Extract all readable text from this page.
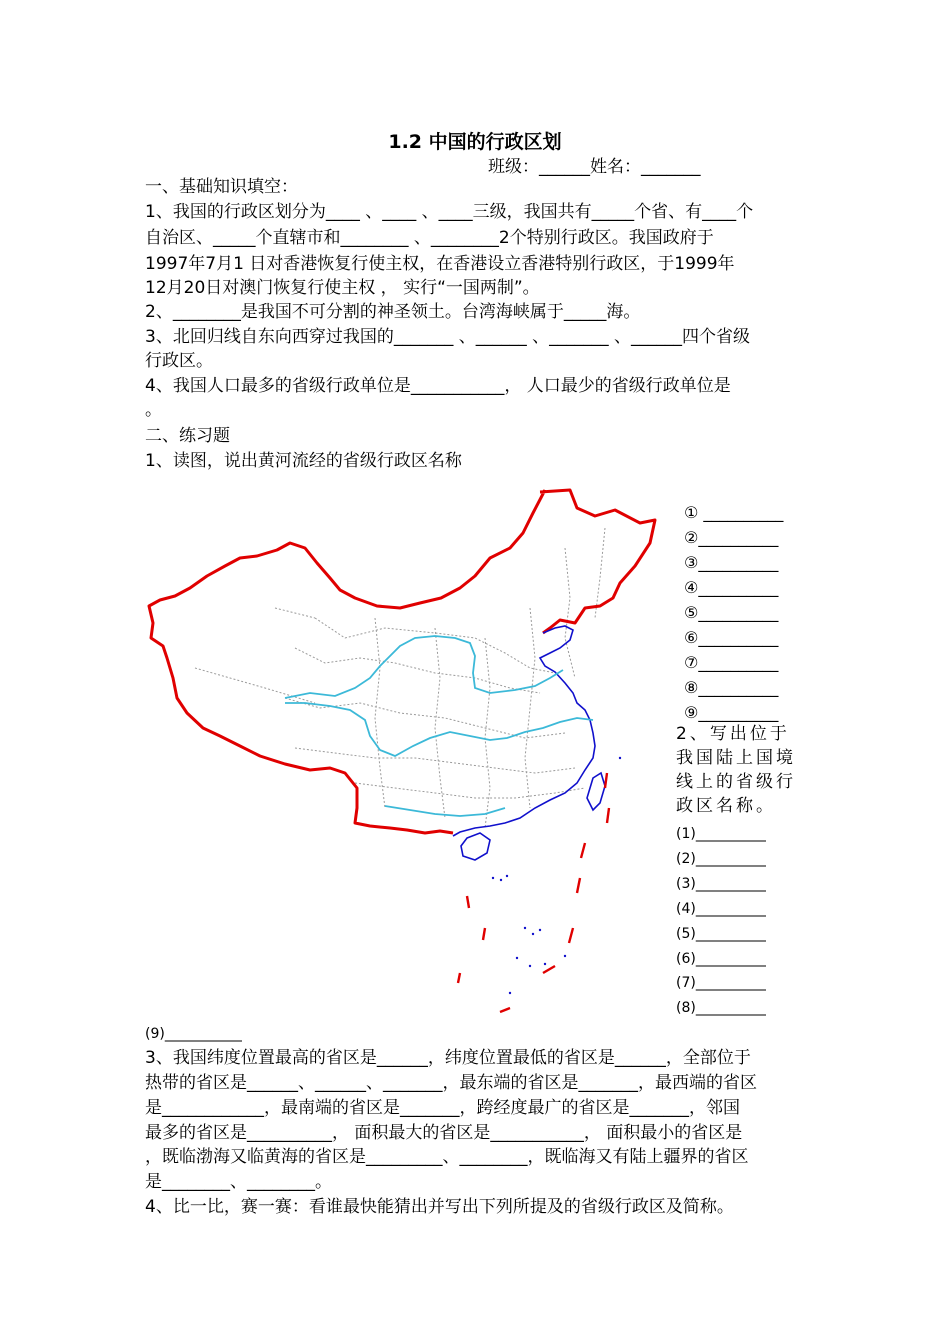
1.2 中国的行政区划
班级：______姓名：_______
一、基础知识填空：
1、我国的行政区划分为____ 、____ 、____三级，我国共有_____个省、有____个
自治区、_____个直辖市和________ 、________2个特别行政区。我国政府于
1997年7月1 日对香港恢复行使主权，在香港设立香港特别行政区，于1999年
12月20日对澳门恢复行使主权 ， 实行“一国两制”。
2、________是我国不可分割的神圣领土。台湾海峡属于_____海。
3、北回归线自东向西穿过我国的_______ 、______ 、_______ 、______四个省级
行政区。
4、我国人口最多的省级行政单位是___________， 人口最少的省级行政单位是
。
二、练习题
1、读图，说出黄河流经的省级行政区名称
① __________
②__________
③__________
④__________
⑤__________
⑥__________
⑦__________
⑧__________
⑨__________
2、写出位于我国陆上国境线上的省级行政区名称。
(1)__________
(2)__________
(3)__________
(4)__________
(5)__________
(6)__________
(7)__________
(8)__________
(9)___________
3、我国纬度位置最高的省区是______，纬度位置最低的省区是______，全部位于
热带的省区是______、______、_______，最东端的省区是_______，最西端的省区
是____________，最南端的省区是_______，跨经度最广的省区是_______，邻国
最多的省区是__________， 面积最大的省区是___________， 面积最小的省区是
，既临渤海又临黄海的省区是_________、________，既临海又有陆上疆界的省区
是________、________。
4、比一比，赛一赛：看谁最快能猜出并写出下列所提及的省级行政区及简称。
